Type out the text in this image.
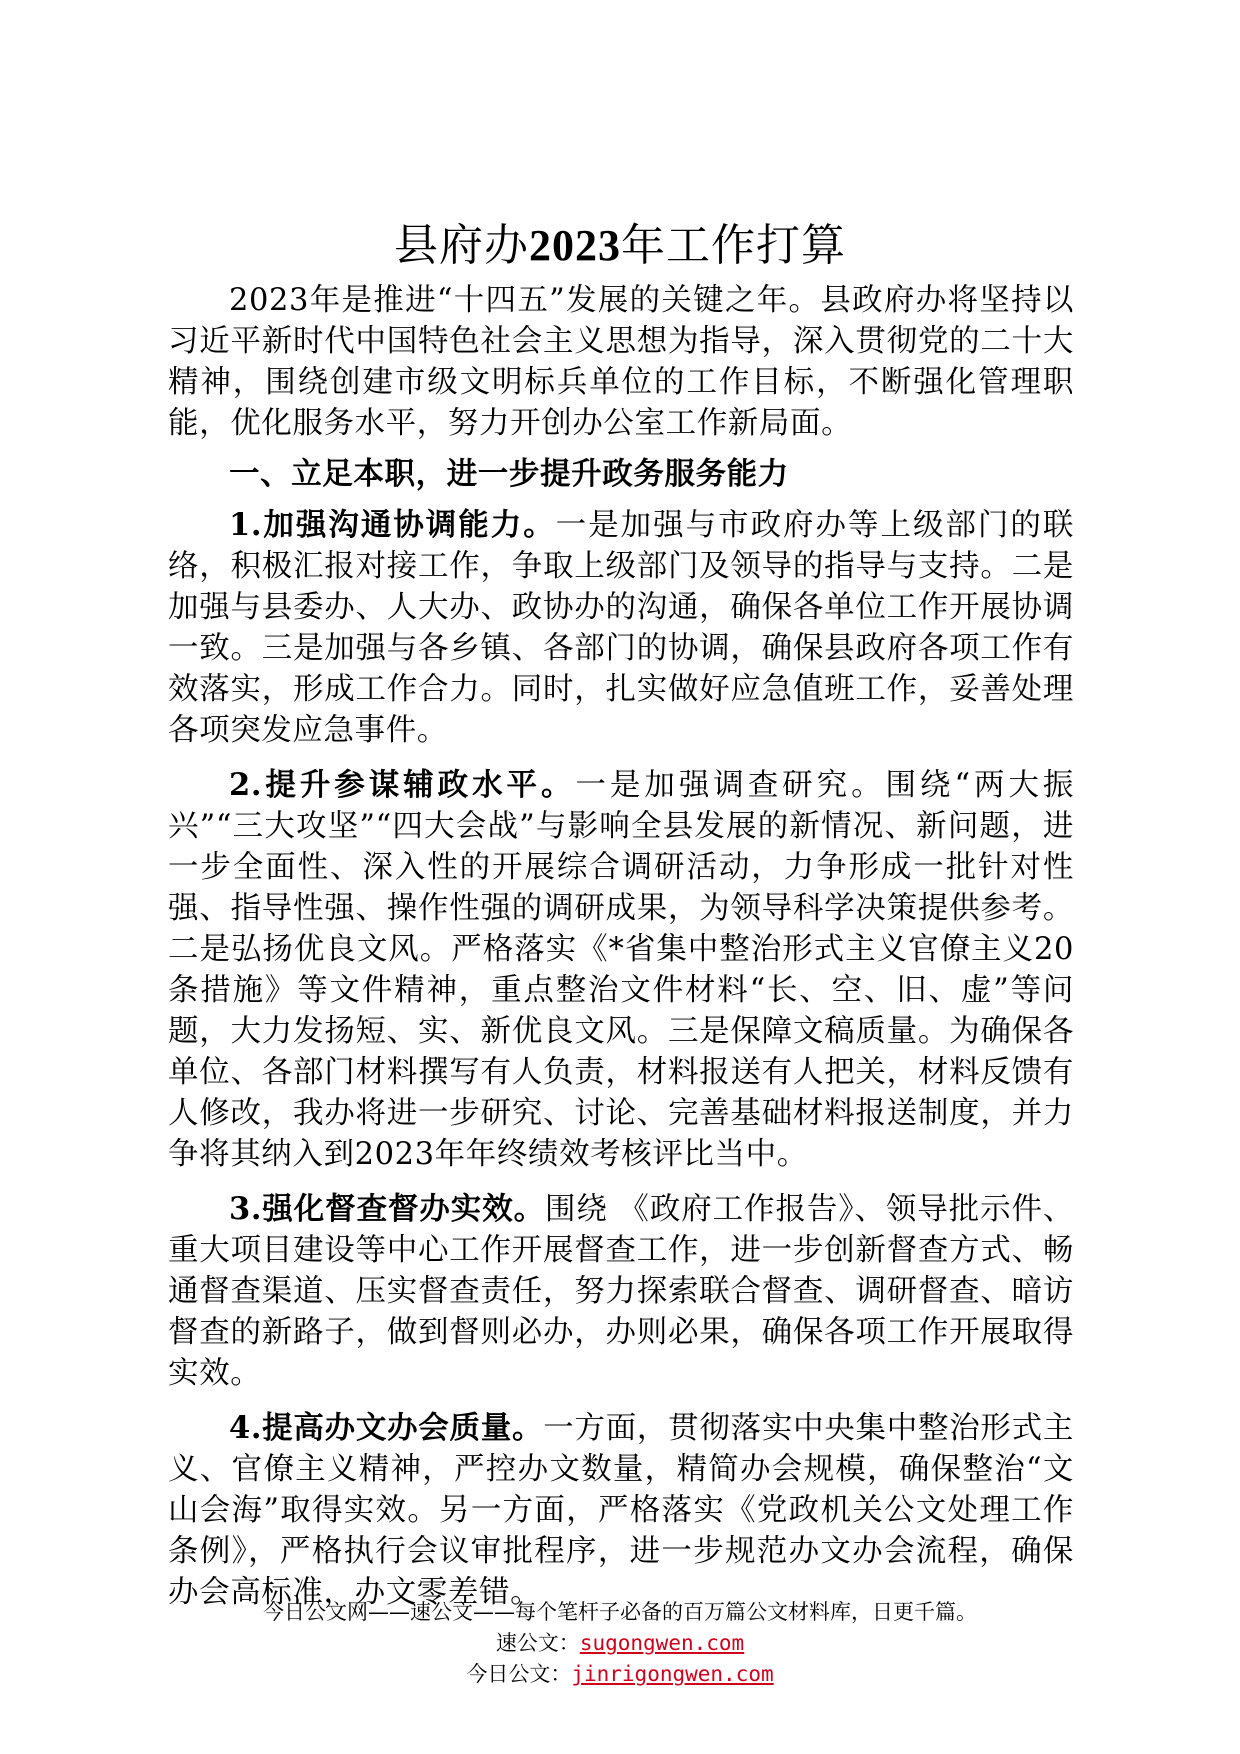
县府办2023年工作打算

2023年是推进“十四五”发展的关键之年。县政府办将坚持以习近平新时代中国特色社会主义思想为指导，深入贯彻党的二十大精神，围绕创建市级文明标兵单位的工作目标，不断强化管理职能，优化服务水平，努力开创办公室工作新局面。

一、立足本职，进一步提升政务服务能力

1.加强沟通协调能力。一是加强与市政府办等上级部门的联络，积极汇报对接工作，争取上级部门及领导的指导与支持。二是加强与县委办、人大办、政协办的沟通，确保各单位工作开展协调一致。三是加强与各乡镇、各部门的协调，确保县政府各项工作有效落实，形成工作合力。同时，扎实做好应急值班工作，妥善处理各项突发应急事件。

2.提升参谋辅政水平。一是加强调查研究。围绕“两大振兴”“三大攻坚”“四大会战”与影响全县发展的新情况、新问题，进一步全面性、深入性的开展综合调研活动，力争形成一批针对性强、指导性强、操作性强的调研成果，为领导科学决策提供参考。二是弘扬优良文风。严格落实《*省集中整治形式主义官僚主义20条措施》等文件精神，重点整治文件材料“长、空、旧、虚”等问题，大力发扬短、实、新优良文风。三是保障文稿质量。为确保各单位、各部门材料撰写有人负责，材料报送有人把关，材料反馈有人修改，我办将进一步研究、讨论、完善基础材料报送制度，并力争将其纳入到2023年年终绩效考核评比当中。

3.强化督查督办实效。围绕 《政府工作报告》、领导批示件、重大项目建设等中心工作开展督查工作，进一步创新督查方式、畅通督查渠道、压实督查责任，努力探索联合督查、调研督查、暗访督查的新路子，做到督则必办，办则必果，确保各项工作开展取得实效。

4.提高办文办会质量。一方面，贯彻落实中央集中整治形式主义、官僚主义精神，严控办文数量，精简办会规模，确保整治“文山会海”取得实效。另一方面，严格落实《党政机关公文处理工作条例》，严格执行会议审批程序，进一步规范办文办会流程，确保办会高标准，办文零差错。

今日公文网——速公文——每个笔杆子必备的百万篇公文材料库，日更千篇。
速公文：sugongwen.com
今日公文：jinrigongwen.com
